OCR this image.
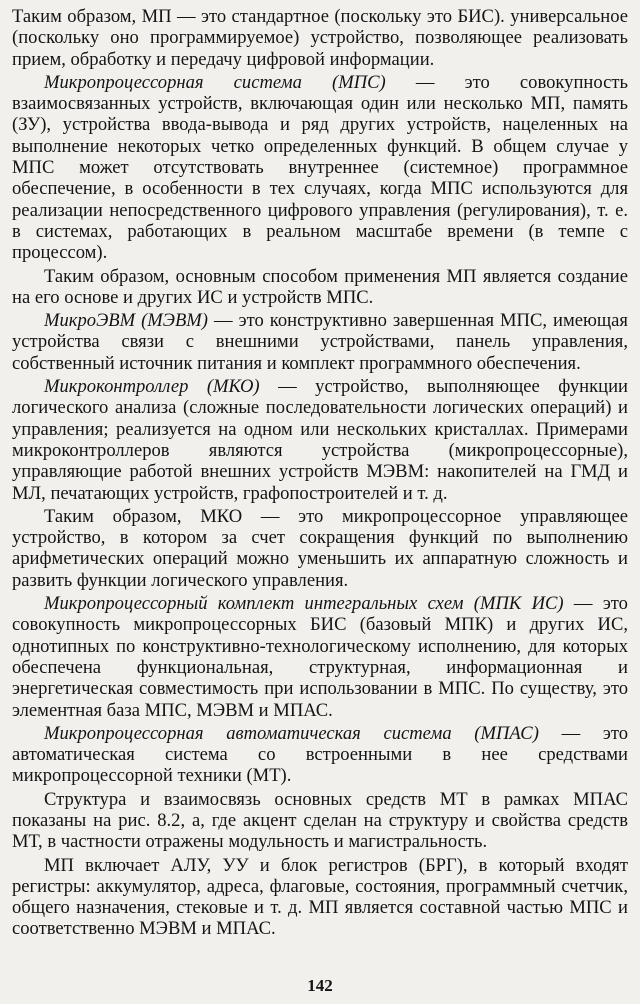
Таким образом, МП — это стандартное (поскольку это БИС). универсальное (поскольку оно программируемое) устройство, позволяющее реализовать прием, обработку и передачу цифровой информации.

Микропроцессорная система (МПС) — это совокупность взаимосвязанных устройств, включающая один или несколько МП, память (ЗУ), устройства ввода-вывода и ряд других устройств, нацеленных на выполнение некоторых четко определенных функций. В общем случае у МПС может отсутствовать внутреннее (системное) программное обеспечение, в особенности в тех случаях, когда МПС используются для реализации непосредственного цифрового управления (регулирования), т. е. в системах, работающих в реальном масштабе времени (в темпе с процессом).

Таким образом, основным способом применения МП является создание на его основе и других ИС и устройств МПС.

МикроЭВМ (МЭВМ) — это конструктивно завершенная МПС, имеющая устройства связи с внешними устройствами, панель управления, собственный источник питания и комплект программного обеспечения.

Микроконтроллер (МКО) — устройство, выполняющее функции логического анализа (сложные последовательности логических операций) и управления; реализуется на одном или нескольких кристаллах. Примерами микроконтроллеров являются устройства (микропроцессорные), управляющие работой внешних устройств МЭВМ: накопителей на ГМД и МЛ, печатающих устройств, графопостроителей и т. д.

Таким образом, МКО — это микропроцессорное управляющее устройство, в котором за счет сокращения функций по выполнению арифметических операций можно уменьшить их аппаратную сложность и развить функции логического управления.

Микропроцессорный комплект интегральных схем (МПК ИС) — это совокупность микропроцессорных БИС (базовый МПК) и других ИС, однотипных по конструктивно-технологическому исполнению, для которых обеспечена функциональная, структурная, информационная и энергетическая совместимость при использовании в МПС. По существу, это элементная база МПС, МЭВМ и МПАС.

Микропроцессорная автоматическая система (МПАС) — это автоматическая система со встроенными в нее средствами микропроцессорной техники (МТ).

Структура и взаимосвязь основных средств МТ в рамках МПАС показаны на рис. 8.2, а, где акцент сделан на структуру и свойства средств МТ, в частности отражены модульность и магистральность.

МП включает АЛУ, УУ и блок регистров (БРГ), в который входят регистры: аккумулятор, адреса, флаговые, состояния, программный счетчик, общего назначения, стековые и т. д. МП является составной частью МПС и соответственно МЭВМ и МПАС.

142
